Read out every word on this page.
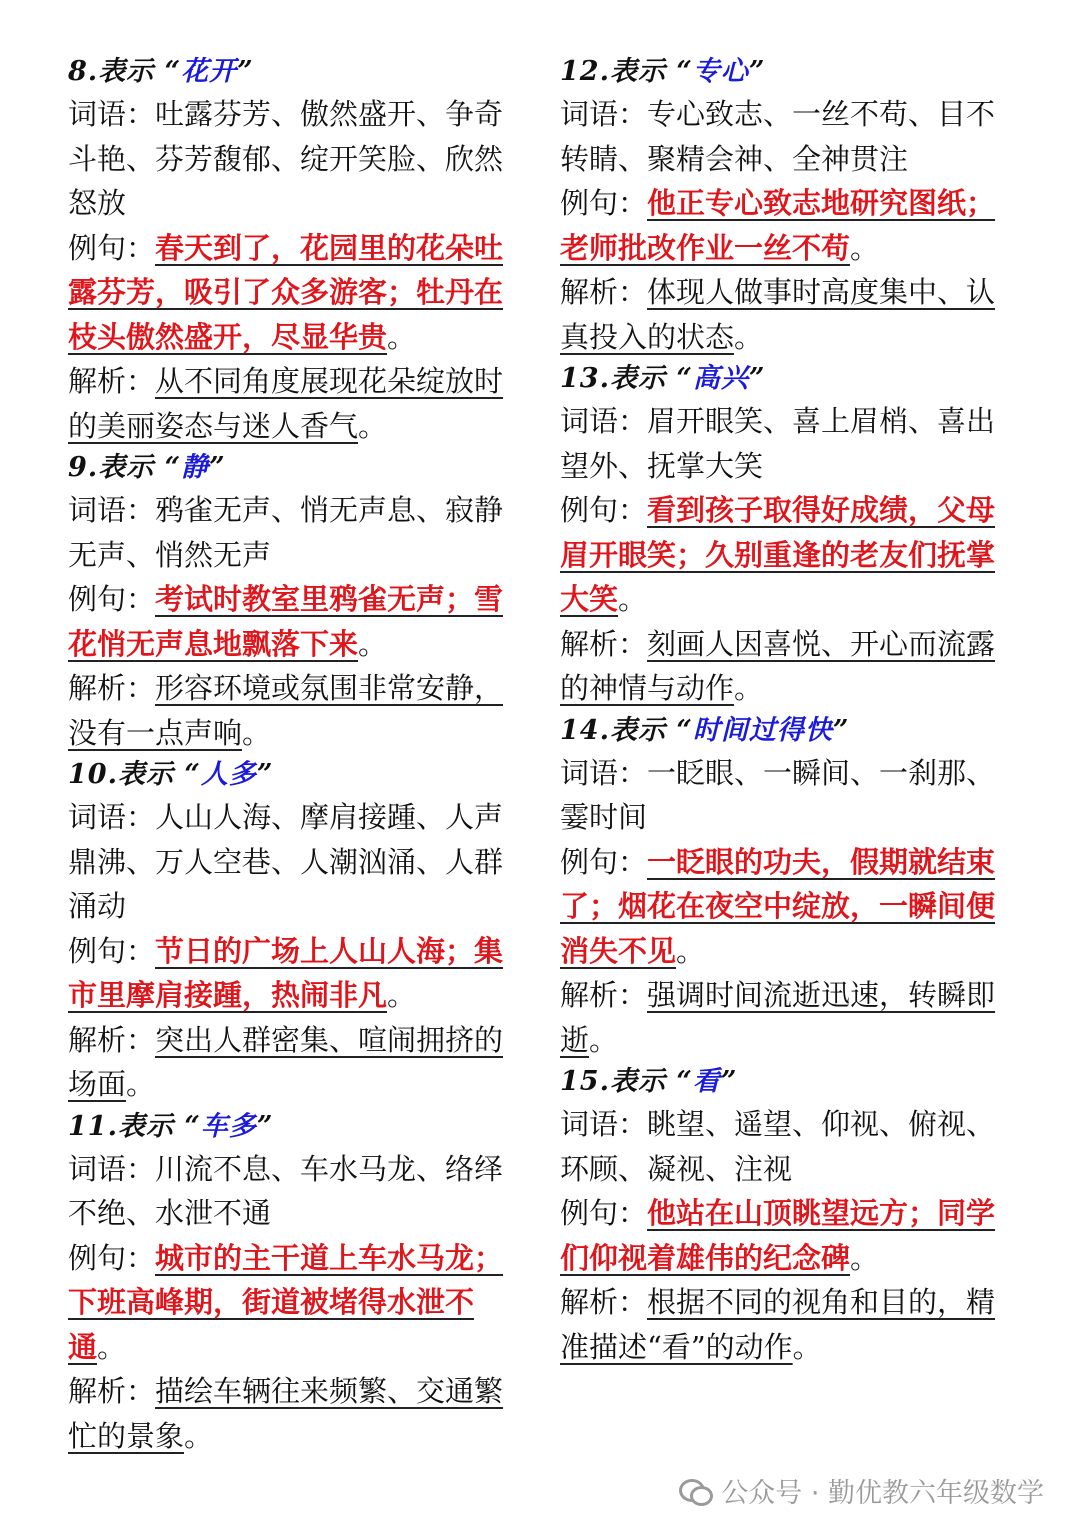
8.表示 “花开”

词语：吐露芬芳、傲然盛开、争奇斗艳、芬芳馥郁、绽开笑脸、欣然怒放

例句：春天到了，花园里的花朵吐露芬芳，吸引了众多游客；牡丹在枝头傲然盛开，尽显华贵。

解析：从不同角度展现花朵绽放时的美丽姿态与迷人香气。

9.表示 “静”

词语：鸦雀无声、悄无声息、寂静无声、悄然无声

例句：考试时教室里鸦雀无声；雪花悄无声息地飘落下来。

解析：形容环境或氛围非常安静，没有一点声响。

10.表示 “人多”

词语：人山人海、摩肩接踵、人声鼎沸、万人空巷、人潮汹涌、人群涌动

例句：节日的广场上人山人海；集市里摩肩接踵，热闹非凡。

解析：突出人群密集、喧闹拥挤的场面。

11.表示 “车多”

词语：川流不息、车水马龙、络绎不绝、水泄不通

例句：城市的主干道上车水马龙；下班高峰期，街道被堵得水泄不通。

解析：描绘车辆往来频繁、交通繁忙的景象。

12.表示 “专心”

词语：专心致志、一丝不苟、目不转睛、聚精会神、全神贯注

例句：他正专心致志地研究图纸；老师批改作业一丝不苟。

解析：体现人做事时高度集中、认真投入的状态。

13.表示 “高兴”

词语：眉开眼笑、喜上眉梢、喜出望外、抚掌大笑

例句：看到孩子取得好成绩，父母眉开眼笑；久别重逢的老友们抚掌大笑。

解析：刻画人因喜悦、开心而流露的神情与动作。

14.表示 “时间过得快”

词语：一眨眼、一瞬间、一刹那、霎时间

例句：一眨眼的功夫，假期就结束了；烟花在夜空中绽放，一瞬间便消失不见。

解析：强调时间流逝迅速，转瞬即逝。

15.表示 “看”

词语：眺望、遥望、仰视、俯视、环顾、凝视、注视

例句：他站在山顶眺望远方；同学们仰视着雄伟的纪念碑。

解析：根据不同的视角和目的，精准描述“看”的动作。

公众号 · 勤优教六年级数学
